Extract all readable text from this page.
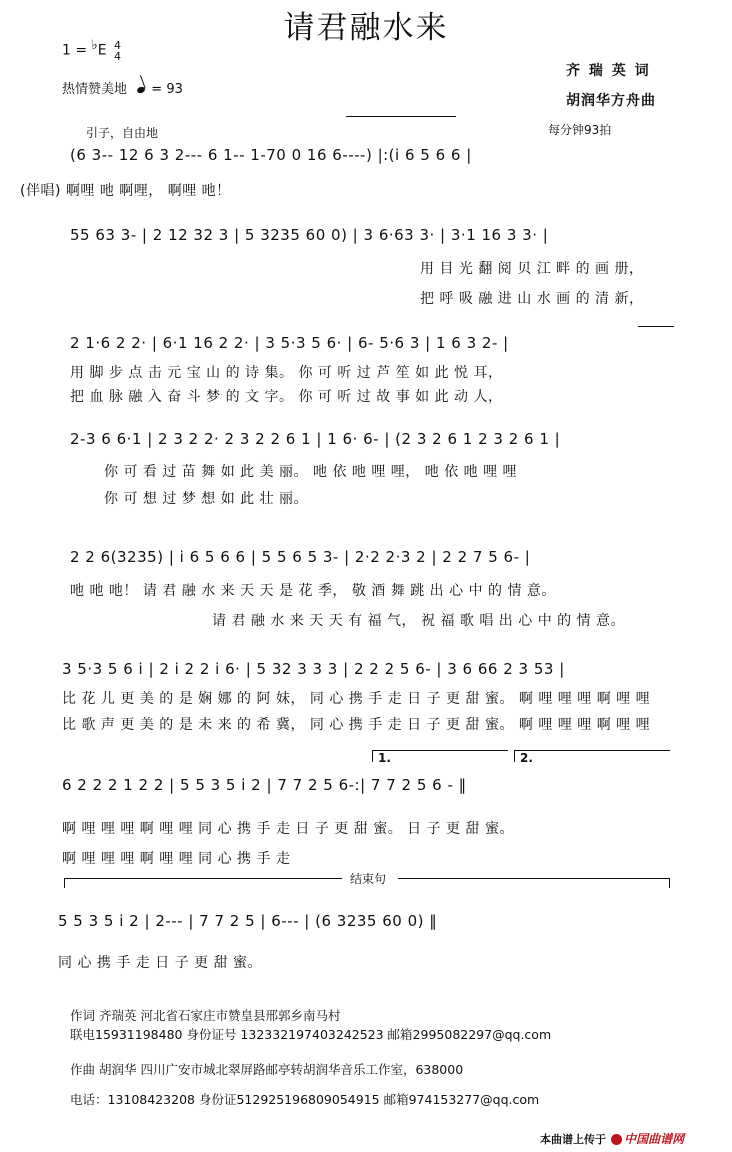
请君融水来
1 = ♭E 4
4
热情赞美地 = 93
齐 瑞 英 词
胡润华方舟曲
引子，自由地	每分钟93拍
(6 3-- 12 6 3 2--- 6 1-- 1-70 0 16 6----) |:(i 6 5 6 6 |
(伴唱) 啊哩 吔 啊哩， 啊哩 吔！
55 63 3- | 2 12 32 3 | 5 3235 60 0) | 3 6·63 3· | 3·1 16 3 3· |
用 目 光 翻 阅 贝 江 畔 的 画 册，
把 呼 吸 融 进 山 水 画 的 清 新，
2 1·6 2 2· | 6·1 16 2 2· | 3 5·3 5 6· | 6- 5·6 3 | 1 6 3 2- |
用 脚 步 点 击 元 宝 山 的 诗 集。 你 可 听 过 芦 笙 如 此 悦 耳，
把 血 脉 融 入 奋 斗 梦 的 文 字。 你 可 听 过 故 事 如 此 动 人，
2-3 6 6·1 | 2 3 2 2· 2 3 2 2 6 1 | 1 6· 6- | (2 3 2 6 1 2 3 2 6 1 |
你 可 看 过 苗 舞 如 此 美 丽。 吔 依 吔 哩 哩， 吔 依 吔 哩 哩
你 可 想 过 梦 想 如 此 壮 丽。
2 2 6(3235) | i 6 5 6 6 | 5 5 6 5 3- | 2·2 2·3 2 | 2 2 7 5 6- |
吔 吔 吔！ 请 君 融 水 来 天 天 是 花 季， 敬 酒 舞 跳 出 心 中 的 情 意。
请 君 融 水 来 天 天 有 福 气， 祝 福 歌 唱 出 心 中 的 情 意。
3 5·3 5 6 i | 2 i 2 2 i 6· | 5 32 3 3 3 | 2 2 2 5 6- | 3 6 66 2 3 53 |
比 花 儿 更 美 的 是 娴 娜 的 阿 妹， 同 心 携 手 走 日 子 更 甜 蜜。 啊 哩 哩 哩 啊 哩 哩
比 歌 声 更 美 的 是 未 来 的 希 冀， 同 心 携 手 走 日 子 更 甜 蜜。 啊 哩 哩 哩 啊 哩 哩
1.	2.
6 2 2 2 1 2 2 | 5 5 3 5 i 2 | 7 7 2 5 6-:| 7 7 2 5 6 - ‖
啊 哩 哩 哩 啊 哩 哩 同 心 携 手 走 日 子 更 甜 蜜。 日 子 更 甜 蜜。
啊 哩 哩 哩 啊 哩 哩 同 心 携 手 走
结束句
5 5 3 5 i 2 | 2--- | 7 7 2 5 | 6--- | (6 3235 60 0) ‖
同 心 携 手 走 日 子 更 甜 蜜。
作词 齐瑞英 河北省石家庄市赞皇县邢郭乡南马村
联电15931198480 身份证号 132332197403242523 邮箱2995082297@qq.com
作曲 胡润华 四川广安市城北翠屏路邮亭转胡润华音乐工作室，638000
电话：13108423208 身份证512925196809054915 邮箱974153277@qq.com
本曲谱上传于 中国曲谱网
